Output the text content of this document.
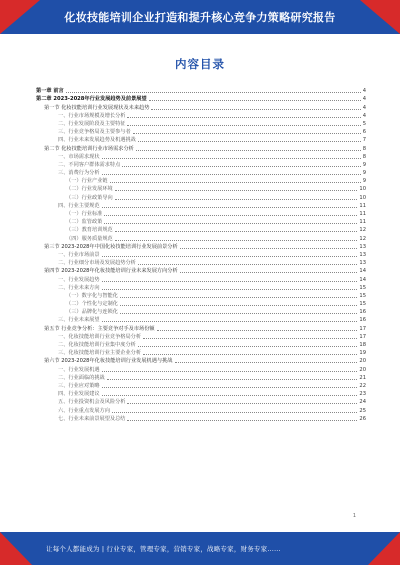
化妆技能培训企业打造和提升核心竞争力策略研究报告
内容目录
第一章 前言	4
第二章 2023-2028年行业发展趋势及前景展望	4
第一节 化妆技能培训行业发展现状及未来趋势	4
一、行业市场规模及增长分析	4
二、行业发展阶段及主要特征	5
三、行业竞争格局及主要参与者	6
四、行业未来发展趋势及机遇挑战	7
第二节 化妆技能培训行业市场需求分析	8
一、市场需求现状	8
二、不同客户群体需求特点	9
三、消费行为分析	9
（一）行业产业链	9
（二）行业发展环境	10
（三）行业政策导向	10
四、行业主要规范	11
（一）行业标准	11
（二）监管政策	11
（三）教育培训规范	12
（四）服务质量规范	12
第三节 2023-2028年中国化妆技能培训行业发展前景分析	13
一、行业市场前景	13
二、行业细分市场及发展趋势分析	13
第四节 2023-2028年化妆技能培训行业未来发展方向分析	14
一、行业发展趋势	14
二、行业未来方向	15
（一）数字化与智能化	15
（二）个性化与定制化	15
（三）品牌化与连锁化	16
三、行业未来展望	16
第五节 行业竞争分析：主要竞争对手及市场份额	17
一、化妆技能培训行业竞争格局分析	17
二、化妆技能培训行业集中度分析	18
三、化妆技能培训行业主要企业分析	19
第六节 2023-2028年化妆技能培训行业发展机遇与挑战	20
一、行业发展机遇	20
二、行业面临的挑战	21
三、行业应对策略	22
四、行业发展建议	23
五、行业投资机会及风险分析	24
六、行业重点发展方向	25
七、行业未来前景展望及总结	26
1
让每个人都能成为 | 行业专家，管理专家，营销专家，战略专家，财务专家……
